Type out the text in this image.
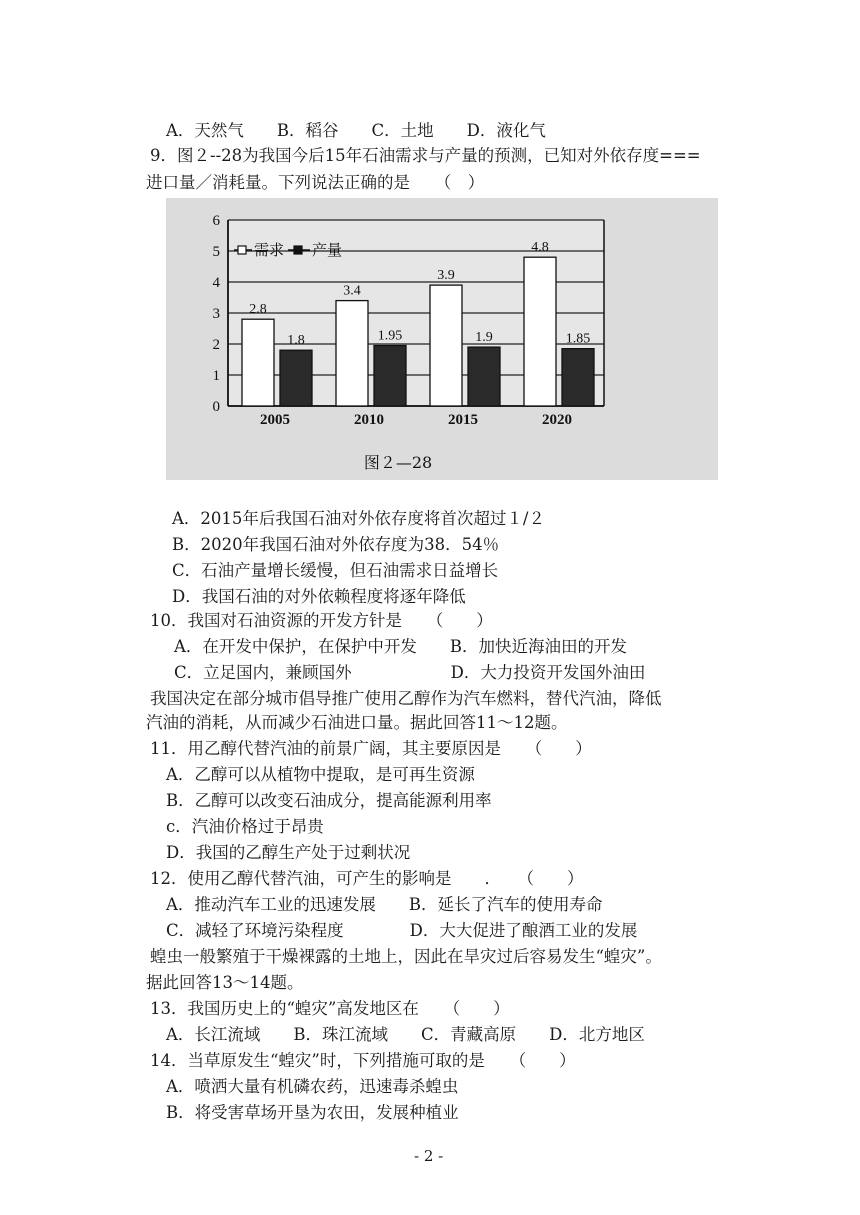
A．天然气　　B．稻谷　　C．土地　　D．液化气
9．图２--28为我国今后15年石油需求与产量的预测，已知对外依存度===
进口量／消耗量。下列说法正确的是　　（　）
A．2015年后我国石油对外依存度将首次超过１/２
B．2020年我国石油对外依存度为38．54％
C．石油产量增长缓慢，但石油需求日益增长
D．我国石油的对外依赖程度将逐年降低
10．我国对石油资源的开发方针是　　（　　）
A．在开发中保护，在保护中开发　　B．加快近海油田的开发
C．立足国内，兼顾国外　　　　　　D．大力投资开发国外油田
我国决定在部分城市倡导推广使用乙醇作为汽车燃料，替代汽油，降低
汽油的消耗，从而减少石油进口量。据此回答11～12题。
11．用乙醇代替汽油的前景广阔，其主要原因是　　（　　）
A．乙醇可以从植物中提取，是可再生资源
B．乙醇可以改变石油成分，提高能源利用率
c．汽油价格过于昂贵
D．我国的乙醇生产处于过剩状况
12．使用乙醇代替汽油，可产生的影响是　　．　　（　　）
A．推动汽车工业的迅速发展　　B．延长了汽车的使用寿命
C．减轻了环境污染程度　　　　D．大大促进了酿酒工业的发展
蝗虫一般繁殖于干燥裸露的土地上，因此在旱灾过后容易发生“蝗灾”。
据此回答13～14题。
13．我国历史上的“蝗灾”高发地区在　　（　　）
A．长江流域　　B．珠江流域　　C．青藏高原　　D．北方地区
14．当草原发生“蝗灾”时，下列措施可取的是　　（　　）
A．喷洒大量有机磷农药，迅速毒杀蝗虫
B．将受害草场开垦为农田，发展种植业
0
1
2
3
4
5
6
2.8
1.8
2005
3.4
1.95
2010
3.9
1.9
2015
4.8
1.85
2020
需求 产量
图２—28
- 2 -
